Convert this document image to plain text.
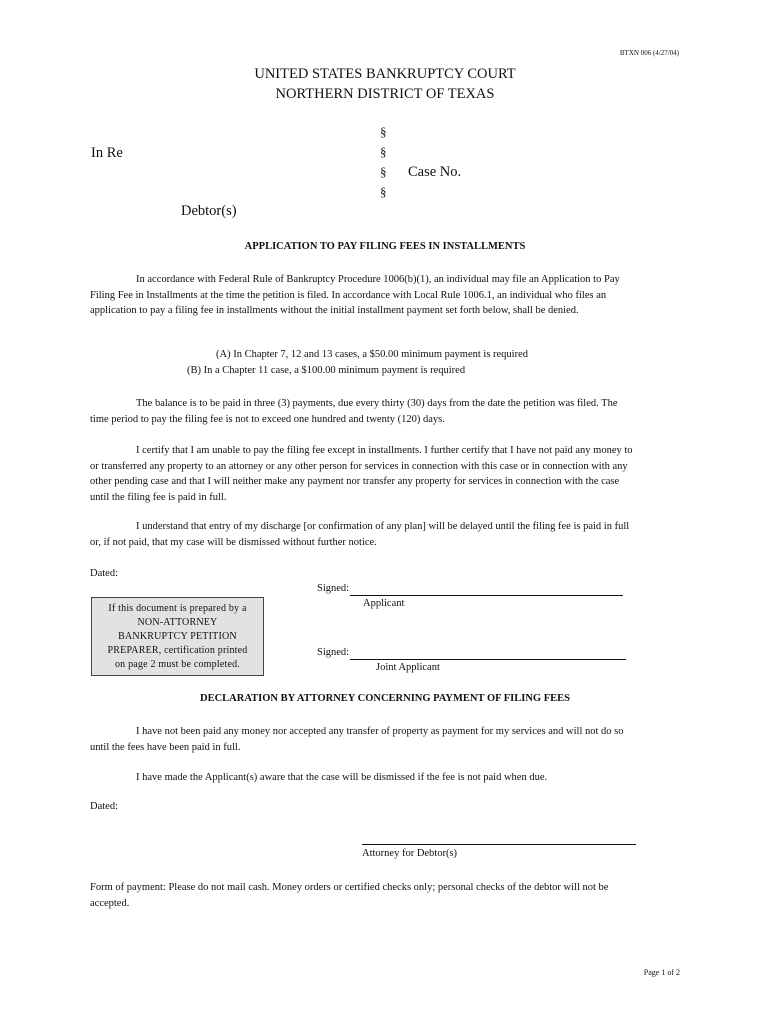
BTXN 006 (4/27/04)
UNITED STATES BANKRUPTCY COURT
NORTHERN DISTRICT OF TEXAS
§
§
§
§
In Re
Case No.
Debtor(s)
APPLICATION TO PAY FILING FEES IN INSTALLMENTS
In accordance with Federal Rule of Bankruptcy Procedure 1006(b)(1), an individual may file an Application to Pay Filing Fee in Installments at the time the petition is filed. In accordance with Local Rule 1006.1, an individual who files an application to pay a filing fee in installments without the initial installment payment set forth below, shall be denied.
(A) In Chapter 7, 12 and 13 cases, a $50.00 minimum payment is required
(B) In a Chapter 11 case, a $100.00 minimum payment is required
The balance is to be paid in three (3) payments, due every thirty (30) days from the date the petition was filed. The time period to pay the filing fee is not to exceed one hundred and twenty (120) days.
I certify that I am unable to pay the filing fee except in installments. I further certify that I have not paid any money to or transferred any property to an attorney or any other person for services in connection with this case or in connection with any other pending case and that I will neither make any payment nor transfer any property for services in connection with the case until the filing fee is paid in full.
I understand that entry of my discharge [or confirmation of any plan] will be delayed until the filing fee is paid in full or, if not paid, that my case will be dismissed without further notice.
Dated:
Signed:
Applicant
If this document is prepared by a
NON-ATTORNEY
BANKRUPTCY PETITION
PREPARER, certification printed
on page 2 must be completed.
Signed:
Joint Applicant
DECLARATION BY ATTORNEY CONCERNING PAYMENT OF FILING FEES
I have not been paid any money nor accepted any transfer of property as payment for my services and will not do so until the fees have been paid in full.
I have made the Applicant(s) aware that the case will be dismissed if the fee is not paid when due.
Dated:
Attorney for Debtor(s)
Form of payment: Please do not mail cash. Money orders or certified checks only; personal checks of the debtor will not be accepted.
Page 1 of 2
